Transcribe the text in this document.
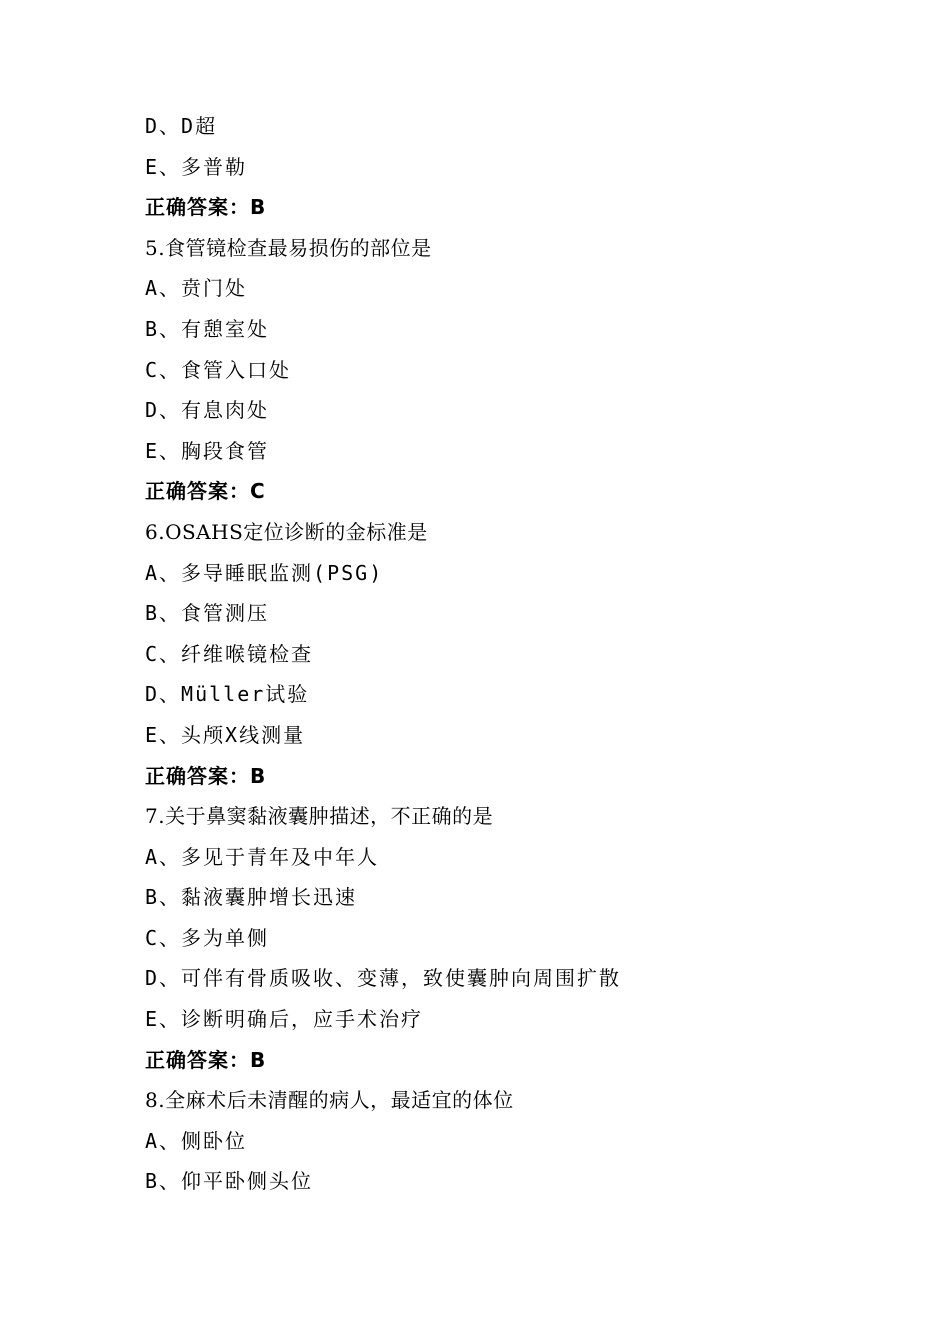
D、D超
E、多普勒
正确答案：B
5.食管镜检查最易损伤的部位是
A、贲门处
B、有憩室处
C、食管入口处
D、有息肉处
E、胸段食管
正确答案：C
6.OSAHS定位诊断的金标准是
A、多导睡眠监测(PSG)
B、食管测压
C、纤维喉镜检查
D、Müller试验
E、头颅X线测量
正确答案：B
7.关于鼻窦黏液囊肿描述，不正确的是
A、多见于青年及中年人
B、黏液囊肿增长迅速
C、多为单侧
D、可伴有骨质吸收、变薄，致使囊肿向周围扩散
E、诊断明确后，应手术治疗
正确答案：B
8.全麻术后未清醒的病人，最适宜的体位
A、侧卧位
B、仰平卧侧头位
